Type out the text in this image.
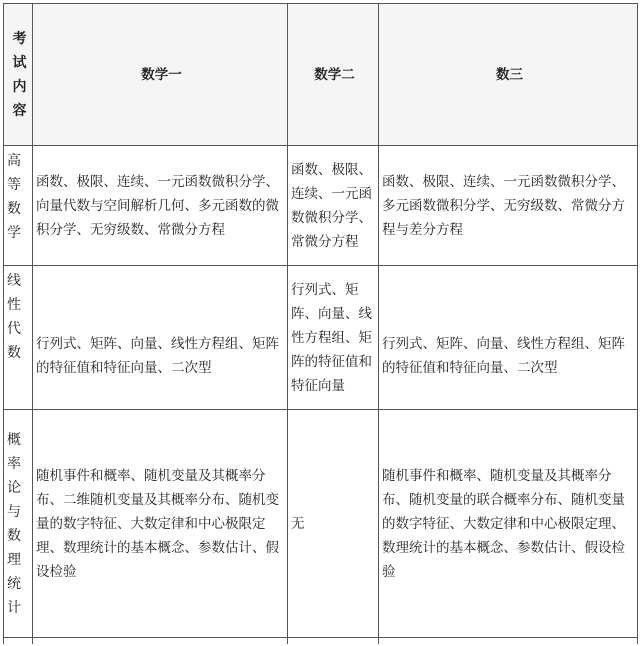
考试内容	数学一	数学二	数三

高等数学	函数、极限、连续、一元函数微积分学、向量代数与空间解析几何、多元函数的微积分学、无穷级数、常微分方程	函数、极限、连续、一元函数微积分学、常微分方程	函数、极限、连续、一元函数微积分学、多元函数微积分学、无穷级数、常微分方程与差分方程

线性代数	行列式、矩阵、向量、线性方程组、矩阵的特征值和特征向量、二次型	行列式、矩阵、向量、线性方程组、矩阵的特征值和特征向量	行列式、矩阵、向量、线性方程组、矩阵的特征值和特征向量、二次型

概率论与数理统计	随机事件和概率、随机变量及其概率分布、二维随机变量及其概率分布、随机变量的数字特征、大数定律和中心极限定理、数理统计的基本概念、参数估计、假设检验	无	随机事件和概率、随机变量及其概率分布、随机变量的联合概率分布、随机变量的数字特征、大数定律和中心极限定理、数理统计的基本概念、参数估计、假设检验
